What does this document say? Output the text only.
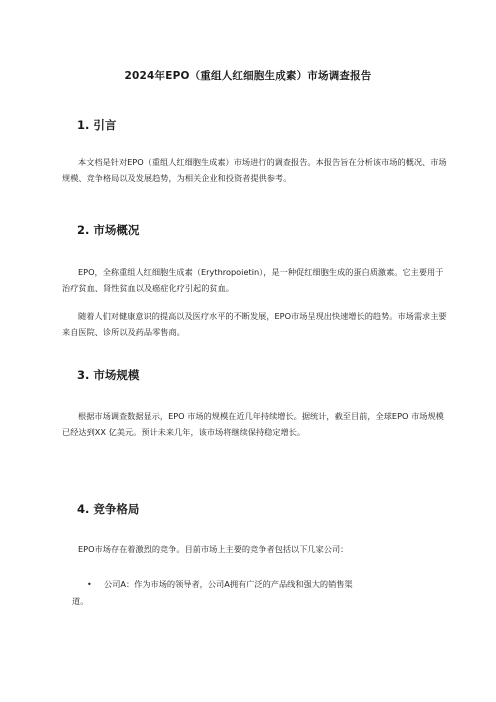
2024年EPO（重组人红细胞生成素）市场调查报告
1. 引言
本文档是针对EPO（重组人红细胞生成素）市场进行的调查报告。本报告旨在分析该市场的概况、市场规模、竞争格局以及发展趋势，为相关企业和投资者提供参考。
2. 市场概况
EPO，全称重组人红细胞生成素（Erythropoietin），是一种促红细胞生成的蛋白质激素。它主要用于治疗贫血、肾性贫血以及癌症化疗引起的贫血。
随着人们对健康意识的提高以及医疗水平的不断发展，EPO市场呈现出快速增长的趋势。市场需求主要来自医院、诊所以及药品零售商。
3. 市场规模
根据市场调查数据显示，EPO 市场的规模在近几年持续增长。据统计，截至目前，全球EPO 市场规模已经达到XX 亿美元。预计未来几年，该市场将继续保持稳定增长。
4. 竞争格局
EPO市场存在着激烈的竞争。目前市场上主要的竞争者包括以下几家公司：
• 公司A：作为市场的领导者，公司A拥有广泛的产品线和强大的销售渠
道。
